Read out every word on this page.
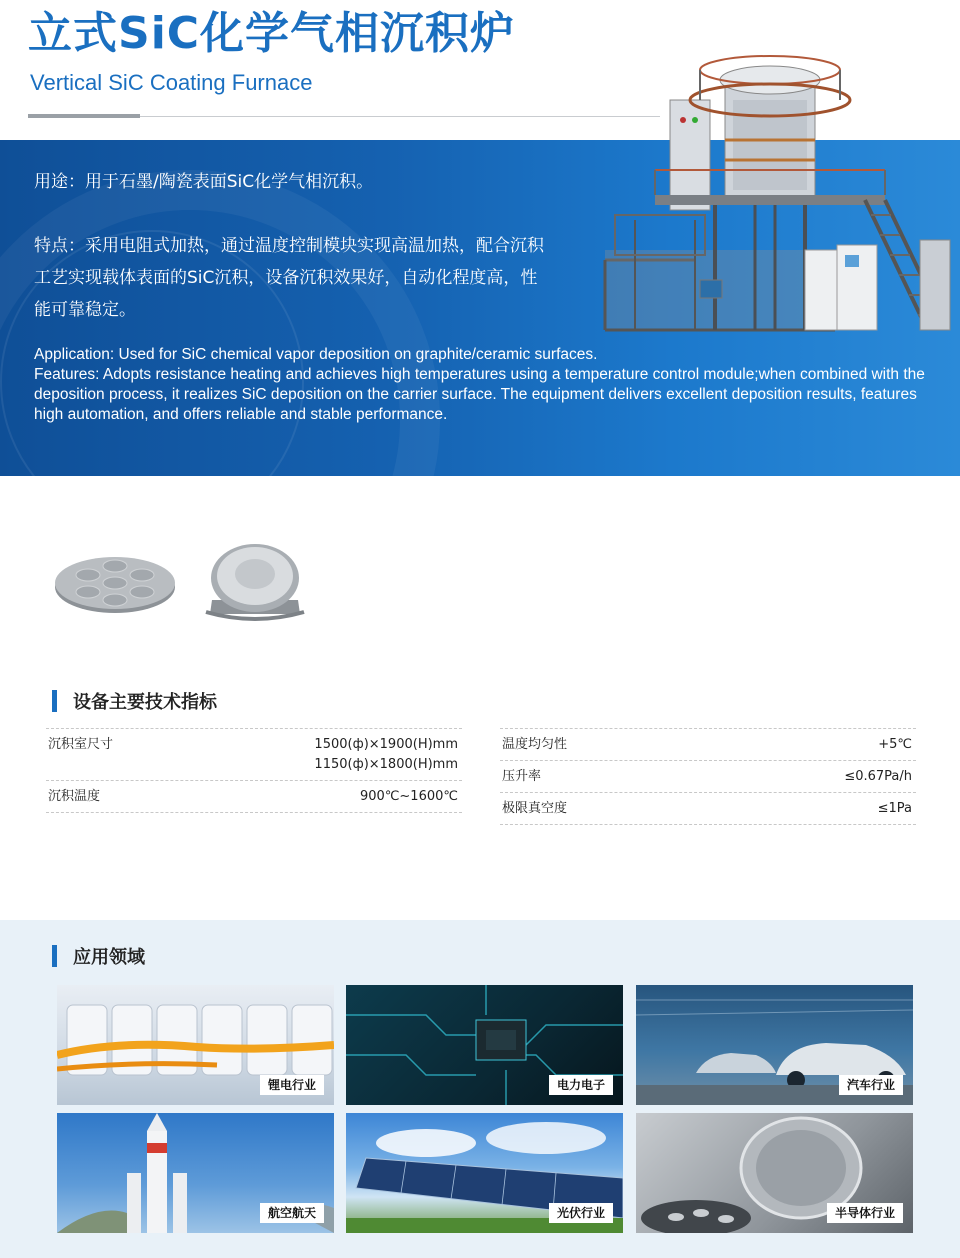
立式SiC化学气相沉积炉
Vertical SiC Coating Furnace

用途：用于石墨/陶瓷表面SiC化学气相沉积。

特点：采用电阻式加热，通过温度控制模块实现高温加热，配合沉积工艺实现载体表面的SiC沉积，设备沉积效果好，自动化程度高，性能可靠稳定。

Application: Used for SiC chemical vapor deposition on graphite/ceramic surfaces.

Features: Adopts resistance heating and achieves high temperatures using a temperature control module;when combined with the deposition process, it realizes SiC deposition on the carrier surface. The equipment delivers excellent deposition results, features high automation, and offers reliable and stable performance.

设备主要技术指标
沉积室尺寸	1500(ф)×1900(H)mm
1150(ф)×1800(H)mm
沉积温度	900℃~1600℃
温度均匀性	+5℃
压升率	≤0.67Pa/h
极限真空度	≤1Pa
应用领域
锂电行业	电力电子	汽车行业
航空航天	光伏行业	半导体行业
